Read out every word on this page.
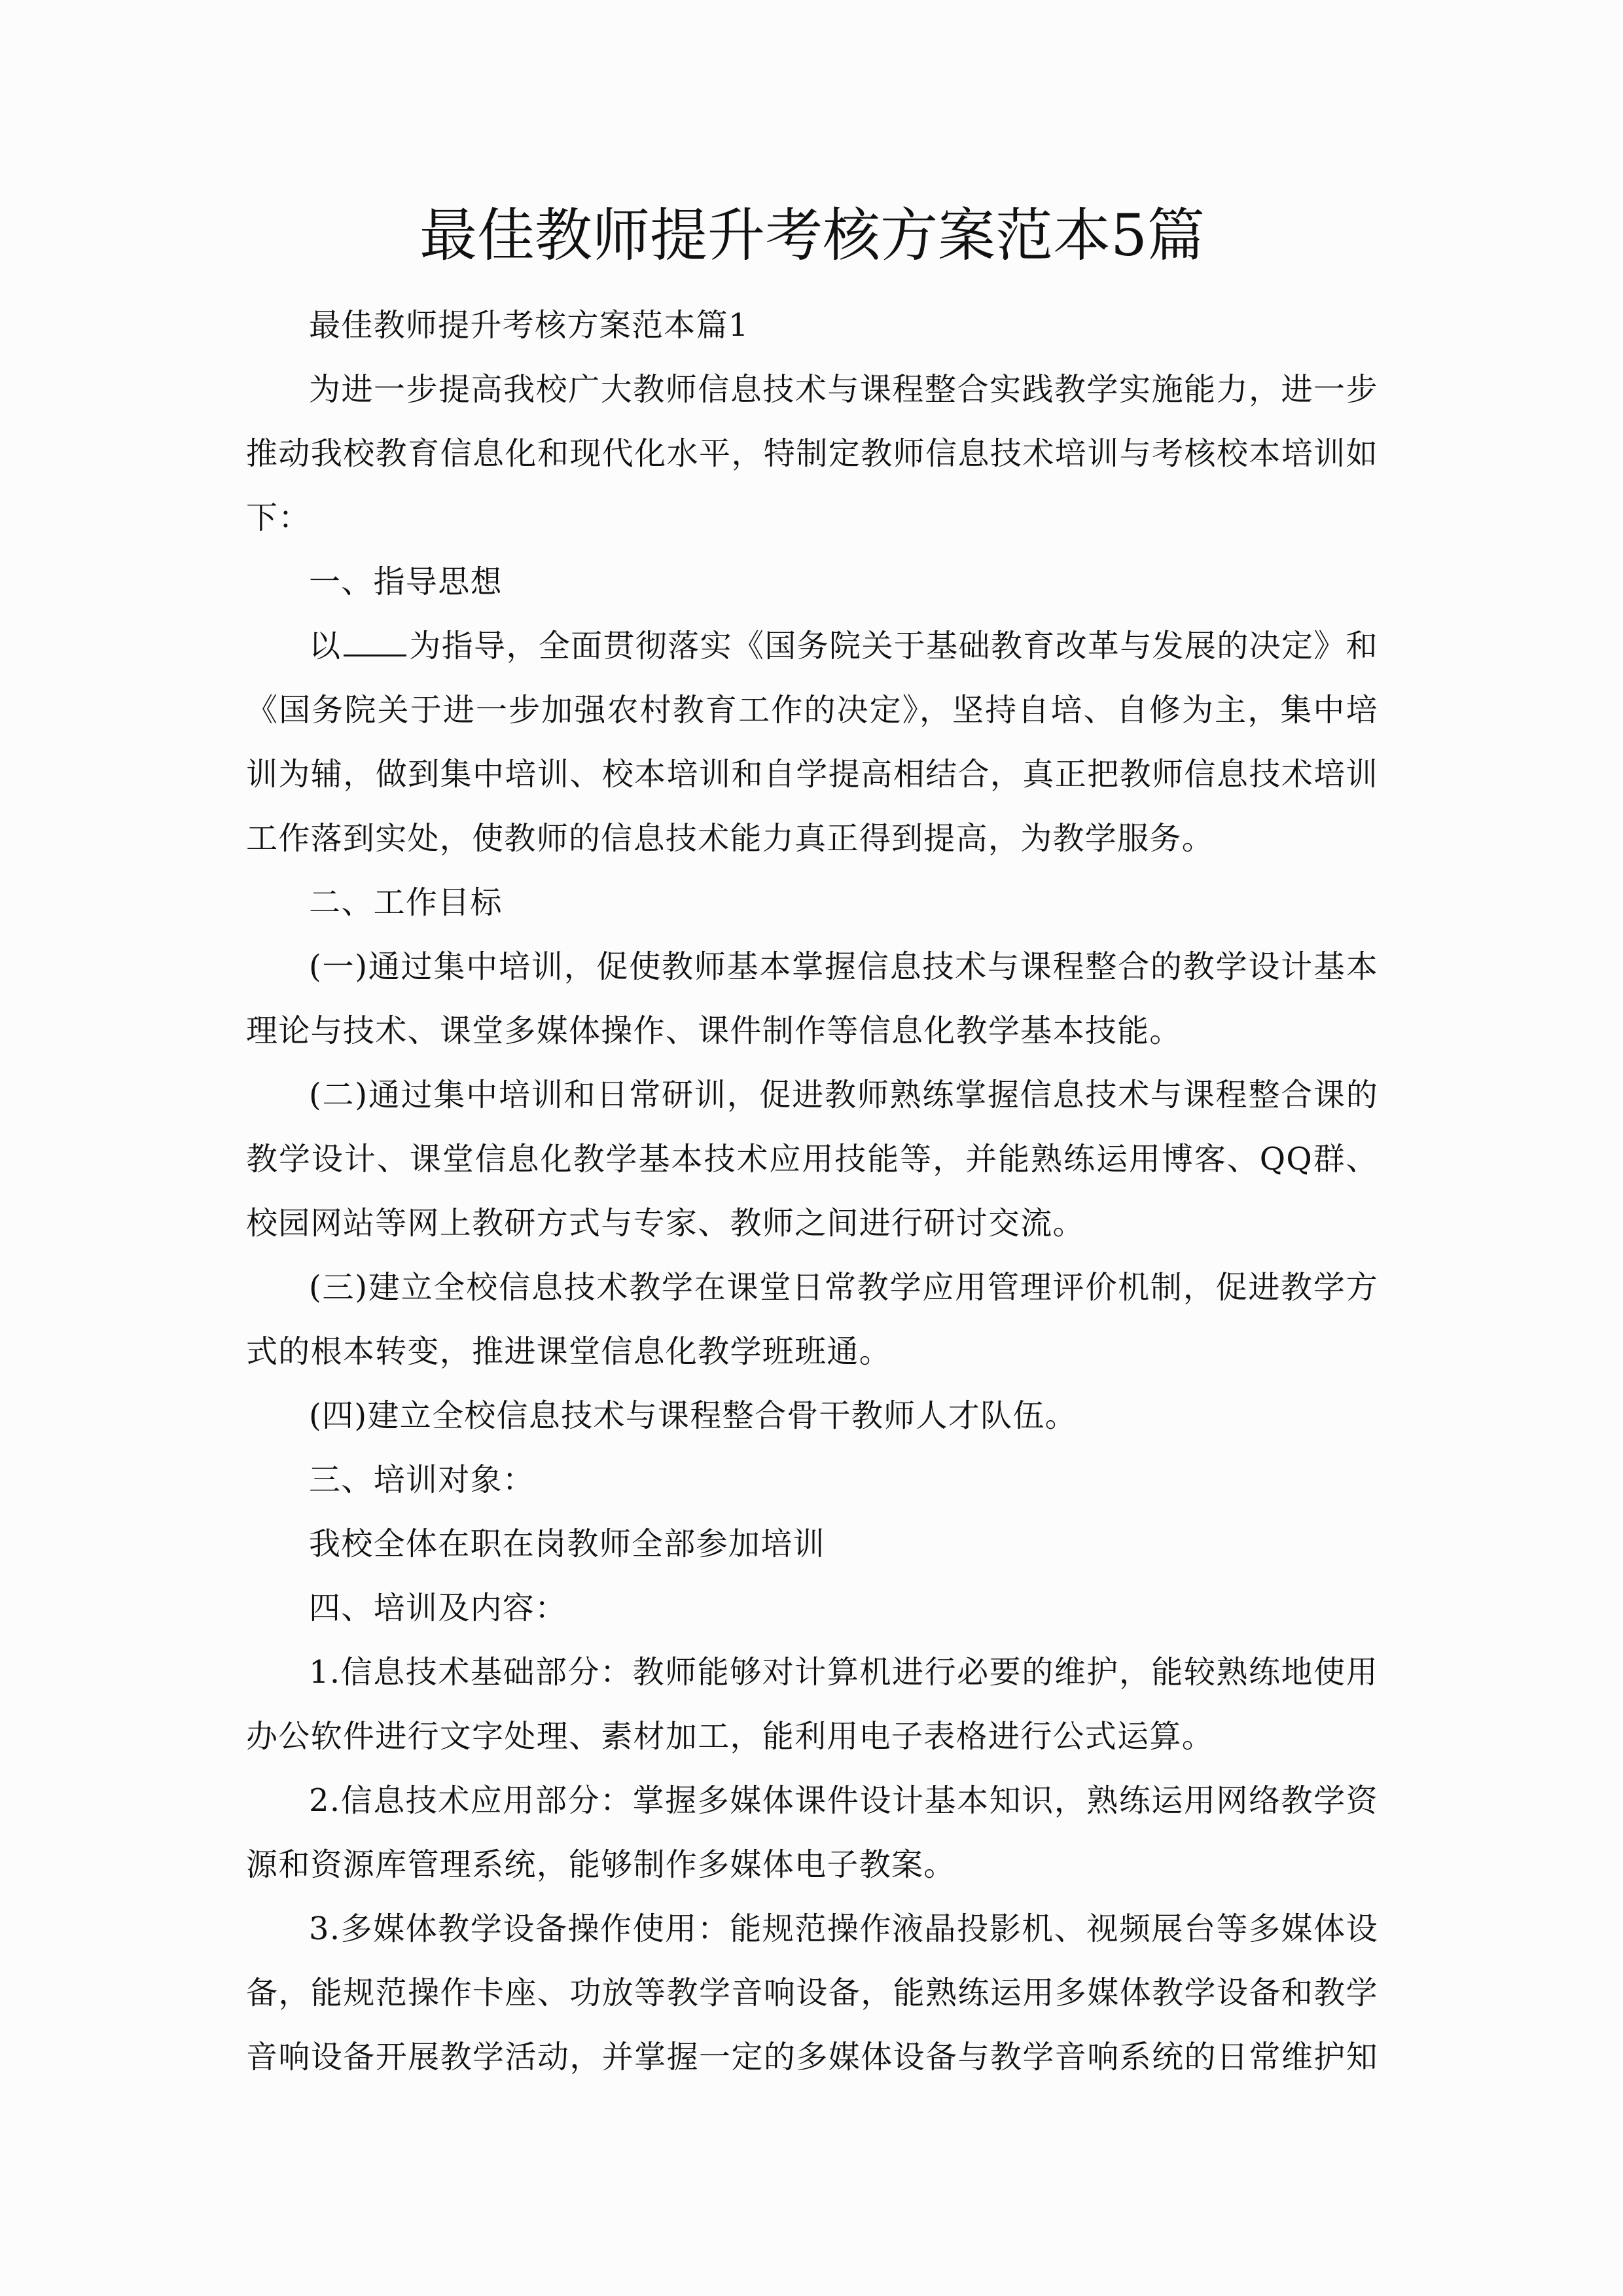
最佳教师提升考核方案范本5篇

最佳教师提升考核方案范本篇1

为进一步提高我校广大教师信息技术与课程整合实践教学实施能力，进一步推动我校教育信息化和现代化水平，特制定教师信息技术培训与考核校本培训如下：

一、指导思想

以 为指导，全面贯彻落实《国务院关于基础教育改革与发展的决定》和《国务院关于进一步加强农村教育工作的决定》，坚持自培、自修为主，集中培训为辅，做到集中培训、校本培训和自学提高相结合，真正把教师信息技术培训工作落到实处，使教师的信息技术能力真正得到提高，为教学服务。

二、工作目标

(一)通过集中培训，促使教师基本掌握信息技术与课程整合的教学设计基本理论与技术、课堂多媒体操作、课件制作等信息化教学基本技能。

(二)通过集中培训和日常研训，促进教师熟练掌握信息技术与课程整合课的教学设计、课堂信息化教学基本技术应用技能等，并能熟练运用博客、QQ群、校园网站等网上教研方式与专家、教师之间进行研讨交流。

(三)建立全校信息技术教学在课堂日常教学应用管理评价机制，促进教学方式的根本转变，推进课堂信息化教学班班通。

(四)建立全校信息技术与课程整合骨干教师人才队伍。

三、培训对象：

我校全体在职在岗教师全部参加培训

四、培训及内容：

1.信息技术基础部分：教师能够对计算机进行必要的维护，能较熟练地使用办公软件进行文字处理、素材加工，能利用电子表格进行公式运算。

2.信息技术应用部分：掌握多媒体课件设计基本知识，熟练运用网络教学资源和资源库管理系统，能够制作多媒体电子教案。

3.多媒体教学设备操作使用：能规范操作液晶投影机、视频展台等多媒体设备，能规范操作卡座、功放等教学音响设备，能熟练运用多媒体教学设备和教学音响设备开展教学活动，并掌握一定的多媒体设备与教学音响系统的日常维护知
